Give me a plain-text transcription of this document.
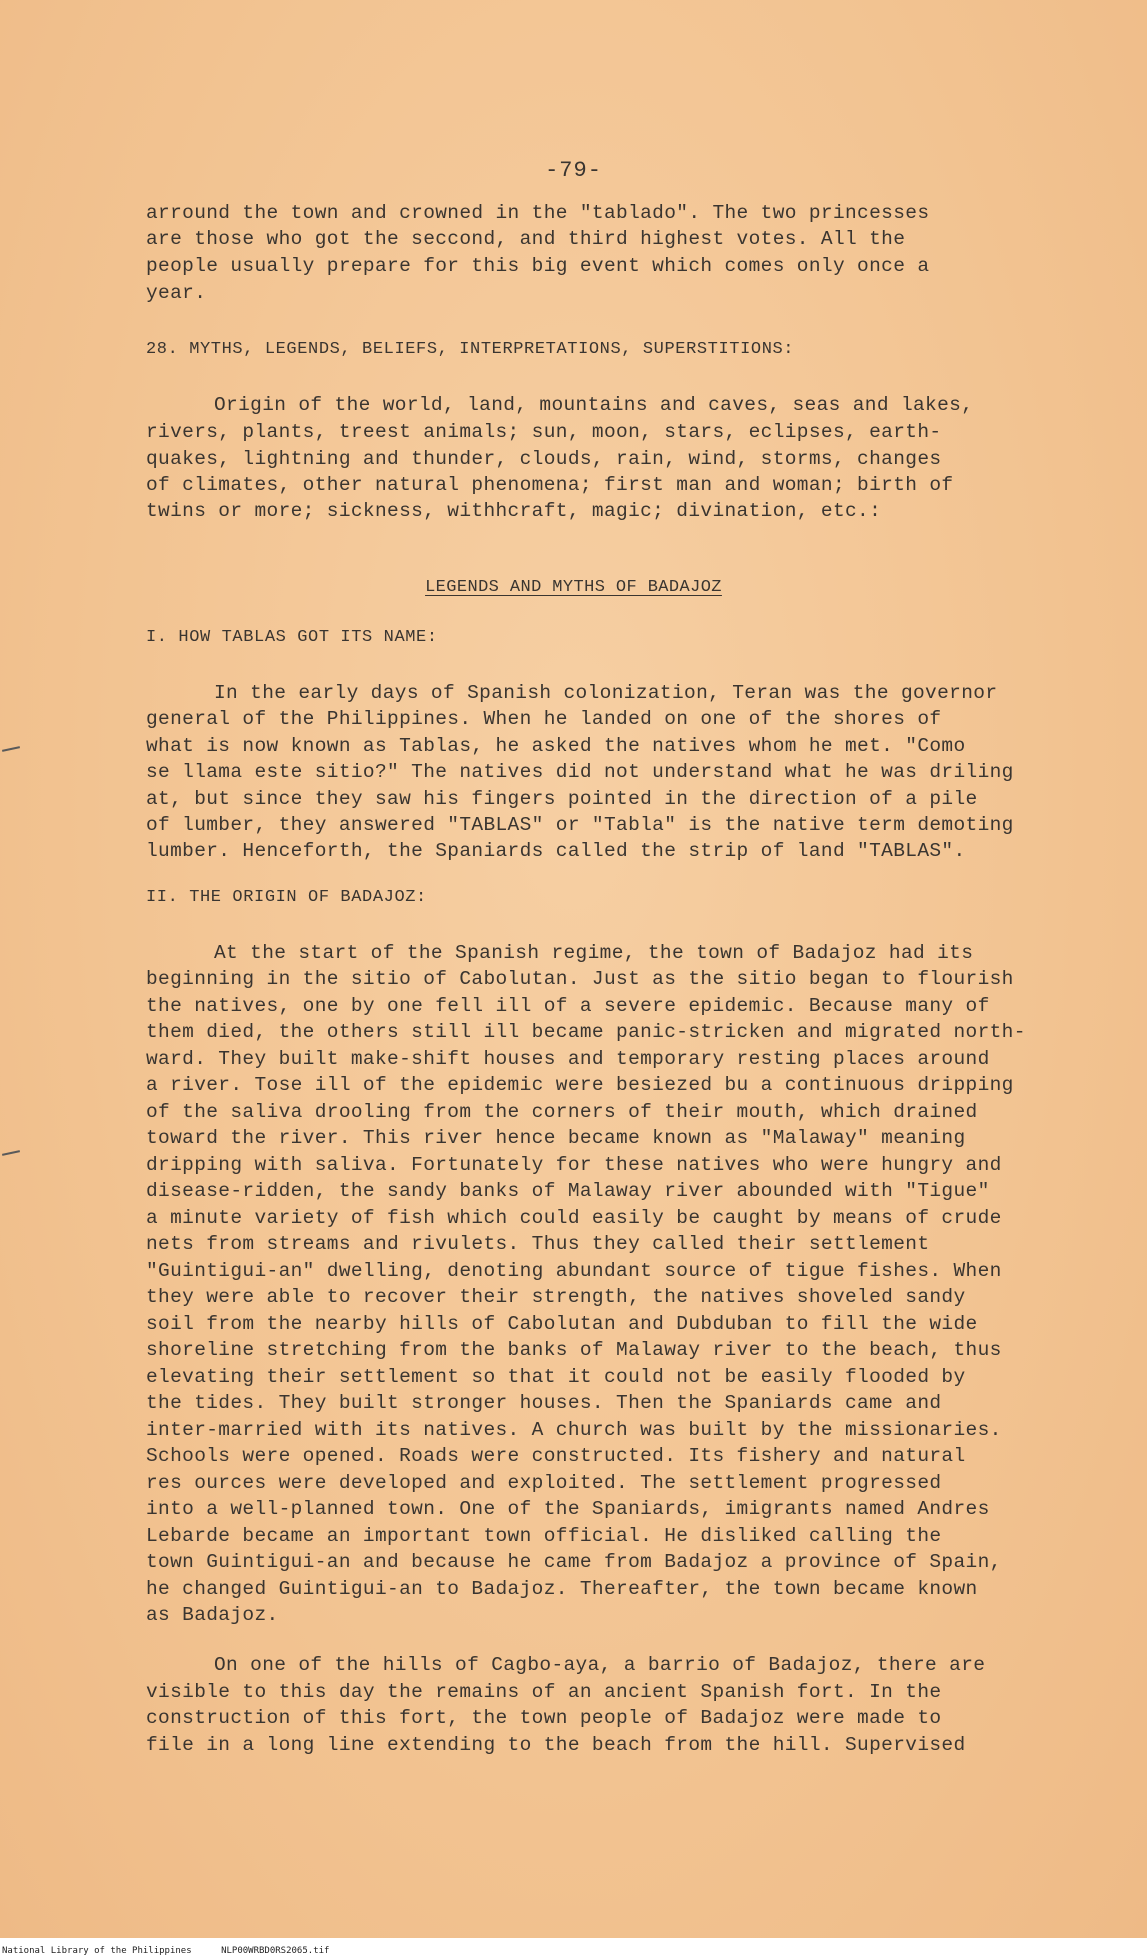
-79-
arround the town and crowned in the "tablado". The two princesses
are those who got the seccond, and third highest votes. All the
people usually prepare for this big event which comes only once a
year.
28. MYTHS, LEGENDS, BELIEFS, INTERPRETATIONS, SUPERSTITIONS:
Origin of the world, land, mountains and caves, seas and lakes,
rivers, plants, treest animals; sun, moon, stars, eclipses, earth-
quakes, lightning and thunder, clouds, rain, wind, storms, changes
of climates, other natural phenomena; first man and woman; birth of
twins or more; sickness, withhcraft, magic; divination, etc.:
LEGENDS AND MYTHS OF BADAJOZ
I. HOW TABLAS GOT ITS NAME:
In the early days of Spanish colonization, Teran was the governor
general of the Philippines. When he landed on one of the shores of
what is now known as Tablas, he asked the natives whom he met. "Como
se llama este sitio?" The natives did not understand what he was driling
at, but since they saw his fingers pointed in the direction of a pile
of lumber, they answered "TABLAS" or "Tabla" is the native term demoting
lumber. Henceforth, the Spaniards called the strip of land "TABLAS".
II. THE ORIGIN OF BADAJOZ:
At the start of the Spanish regime, the town of Badajoz had its
beginning in the sitio of Cabolutan. Just as the sitio began to flourish
the natives, one by one fell ill of a severe epidemic. Because many of
them died, the others still ill became panic-stricken and migrated north-
ward. They built make-shift houses and temporary resting places around
a river. Tose ill of the epidemic were besiezed bu a continuous dripping
of the saliva drooling from the corners of their mouth, which drained
toward the river. This river hence became known as "Malaway" meaning
dripping with saliva. Fortunately for these natives who were hungry and
disease-ridden, the sandy banks of Malaway river abounded with "Tigue"
a minute variety of fish which could easily be caught by means of crude
nets from streams and rivulets. Thus they called their settlement
"Guintigui-an" dwelling, denoting abundant source of tigue fishes. When
they were able to recover their strength, the natives shoveled sandy
soil from the nearby hills of Cabolutan and Dubduban to fill the wide
shoreline stretching from the banks of Malaway river to the beach, thus
elevating their settlement so that it could not be easily flooded by
the tides. They built stronger houses. Then the Spaniards came and
inter-married with its natives. A church was built by the missionaries.
Schools were opened. Roads were constructed. Its fishery and natural
res ources were developed and exploited. The settlement progressed
into a well-planned town. One of the Spaniards, imigrants named Andres
Lebarde became an important town official. He disliked calling the
town Guintigui-an and because he came from Badajoz a province of Spain,
he changed Guintigui-an to Badajoz. Thereafter, the town became known
as Badajoz.
On one of the hills of Cagbo-aya, a barrio of Badajoz, there are
visible to this day the remains of an ancient Spanish fort. In the
construction of this fort, the town people of Badajoz were made to
file in a long line extending to the beach from the hill. Supervised
National Library of the Philippines	NLP00WRBD0RS2065.tif
